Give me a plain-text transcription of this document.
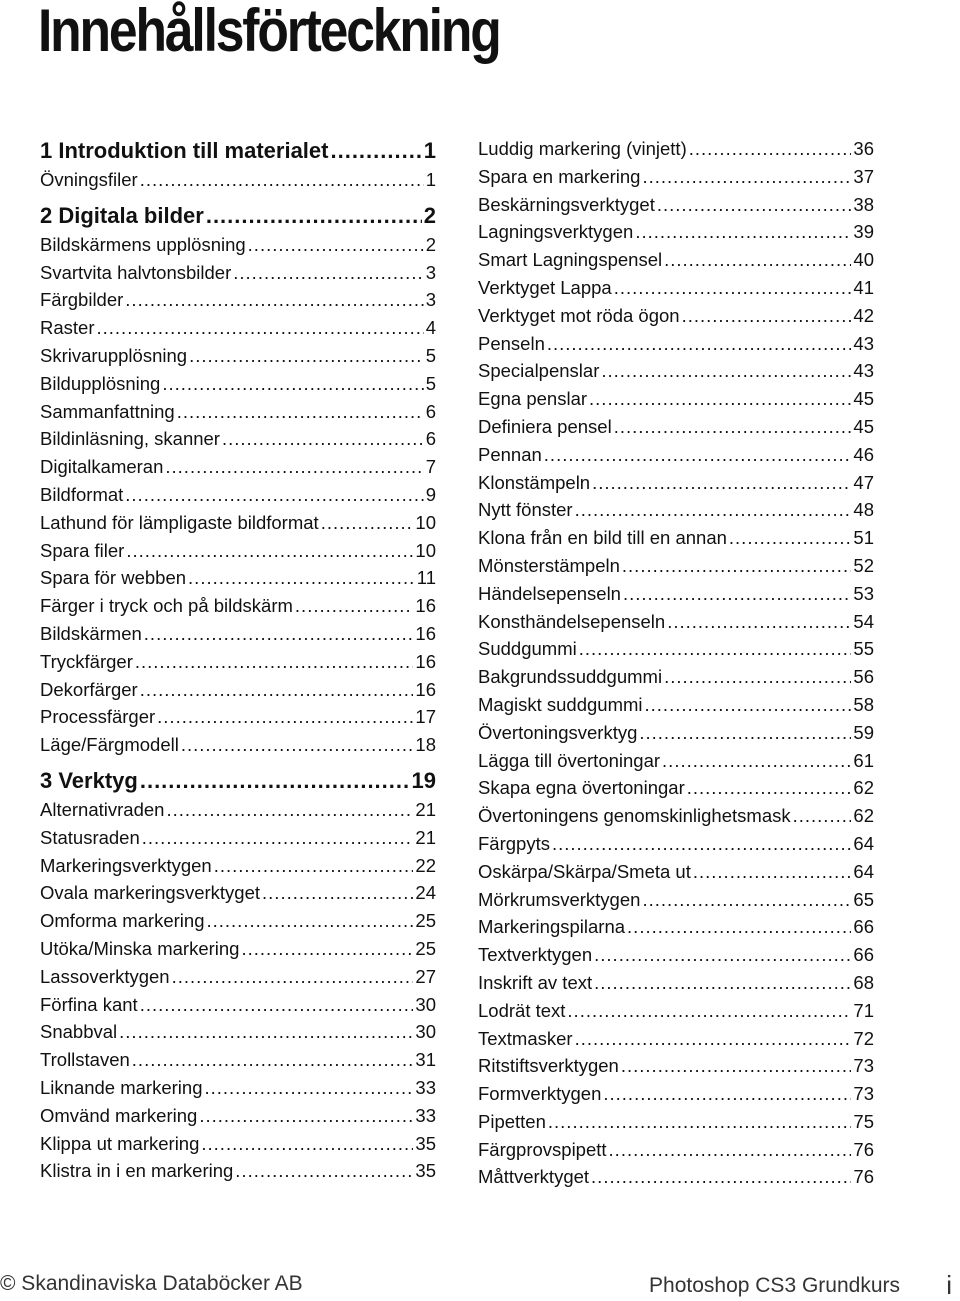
Innehållsförteckning
1 Introduktion till materialet .....	1
Övningsfiler .....	1
2 Digitala bilder .....	2
Bildskärmens upplösning .....	2
Svartvita halvtonsbilder .....	3
Färgbilder .....	3
Raster .....	4
Skrivarupplösning .....	5
Bildupplösning .....	5
Sammanfattning .....	6
Bildinläsning, skanner .....	6
Digitalkameran .....	7
Bildformat .....	9
Lathund för lämpligaste bildformat .....	10
Spara filer .....	10
Spara för webben .....	11
Färger i tryck och på bildskärm .....	16
Bildskärmen .....	16
Tryckfärger .....	16
Dekorfärger .....	16
Processfärger .....	17
Läge/Färgmodell .....	18
3 Verktyg .....	19
Alternativraden .....	21
Statusraden .....	21
Markeringsverktygen .....	22
Ovala markeringsverktyget .....	24
Omforma markering .....	25
Utöka/Minska markering .....	25
Lassoverktygen .....	27
Förfina kant .....	30
Snabbval .....	30
Trollstaven .....	31
Liknande markering .....	33
Omvänd markering .....	33
Klippa ut markering .....	35
Klistra in i en markering .....	35
Luddig markering (vinjett) .....	36
Spara en markering .....	37
Beskärningsverktyget .....	38
Lagningsverktygen .....	39
Smart Lagningspensel .....	40
Verktyget Lappa .....	41
Verktyget mot röda ögon .....	42
Penseln .....	43
Specialpenslar .....	43
Egna penslar .....	45
Definiera pensel .....	45
Pennan .....	46
Klonstämpeln .....	47
Nytt fönster .....	48
Klona från en bild till en annan .....	51
Mönsterstämpeln .....	52
Händelsepenseln .....	53
Konsthändelsepenseln .....	54
Suddgummi .....	55
Bakgrundssuddgummi .....	56
Magiskt suddgummi .....	58
Övertoningsverktyg .....	59
Lägga till övertoningar .....	61
Skapa egna övertoningar .....	62
Övertoningens genomskinlighetsmask .....	62
Färgpyts .....	64
Oskärpa/Skärpa/Smeta ut .....	64
Mörkrumsverktygen .....	65
Markeringspilarna .....	66
Textverktygen .....	66
Inskrift av text .....	68
Lodrät text .....	71
Textmasker .....	72
Ritstiftsverktygen .....	73
Formverktygen .....	73
Pipetten .....	75
Färgprovspipett .....	76
Måttverktyget .....	76
© Skandinaviska Databöcker AB	Photoshop CS3 Grundkurs i
